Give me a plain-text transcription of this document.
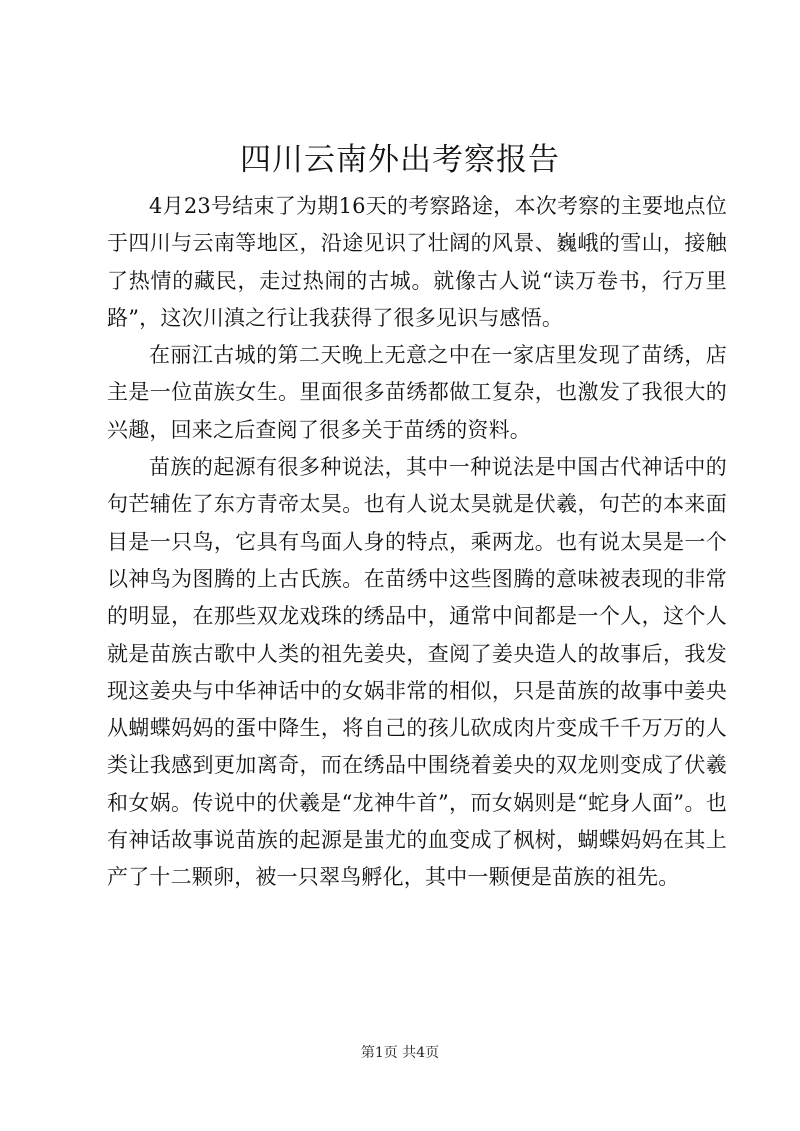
四川云南外出考察报告

4月23号结束了为期16天的考察路途，本次考察的主要地点位于四川与云南等地区，沿途见识了壮阔的风景、巍峨的雪山，接触了热情的藏民，走过热闹的古城。就像古人说“读万卷书，行万里路”，这次川滇之行让我获得了很多见识与感悟。

在丽江古城的第二天晚上无意之中在一家店里发现了苗绣，店主是一位苗族女生。里面很多苗绣都做工复杂，也激发了我很大的兴趣，回来之后查阅了很多关于苗绣的资料。

苗族的起源有很多种说法，其中一种说法是中国古代神话中的句芒辅佐了东方青帝太昊。也有人说太昊就是伏羲，句芒的本来面目是一只鸟，它具有鸟面人身的特点，乘两龙。也有说太昊是一个以神鸟为图腾的上古氏族。在苗绣中这些图腾的意味被表现的非常的明显，在那些双龙戏珠的绣品中，通常中间都是一个人，这个人就是苗族古歌中人类的祖先姜央，查阅了姜央造人的故事后，我发现这姜央与中华神话中的女娲非常的相似，只是苗族的故事中姜央从蝴蝶妈妈的蛋中降生，将自己的孩儿砍成肉片变成千千万万的人类让我感到更加离奇，而在绣品中围绕着姜央的双龙则变成了伏羲和女娲。传说中的伏羲是“龙神牛首”，而女娲则是“蛇身人面”。也有神话故事说苗族的起源是蚩尤的血变成了枫树，蝴蝶妈妈在其上产了十二颗卵，被一只翠鸟孵化，其中一颗便是苗族的祖先。

第1页 共4页
